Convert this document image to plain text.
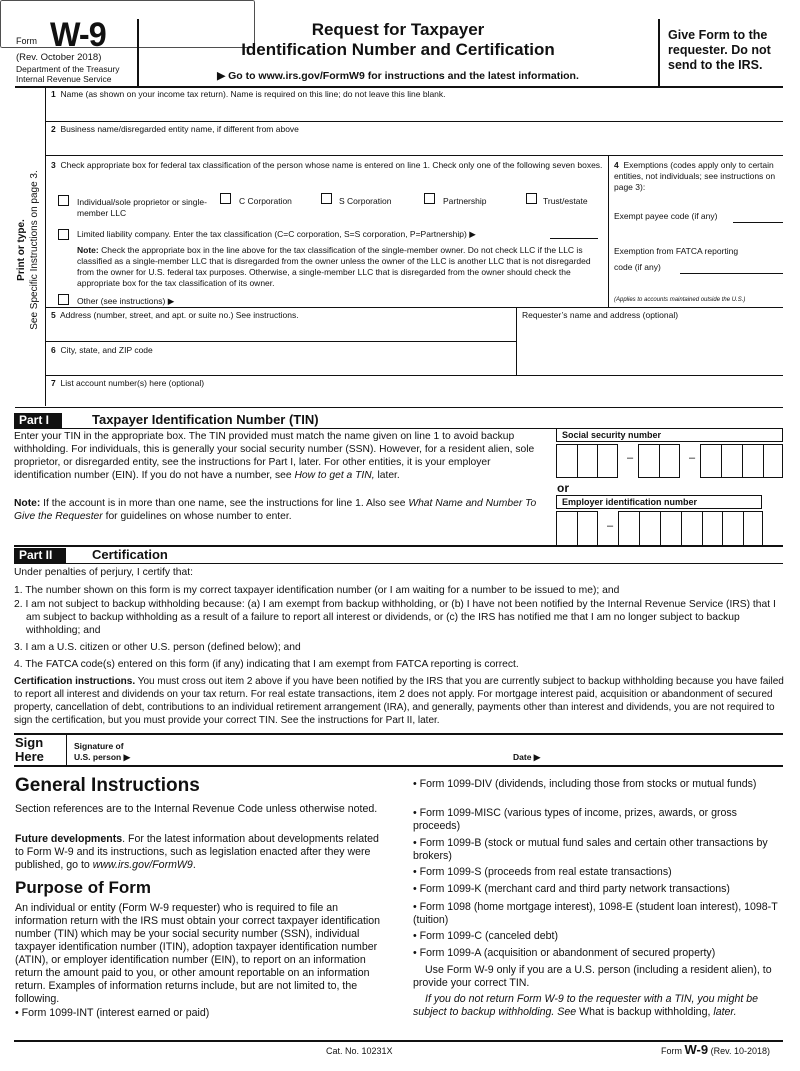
Form W-9
(Rev. October 2018)
Department of the Treasury
Internal Revenue Service
Request for Taxpayer
Identification Number and Certification
▶ Go to www.irs.gov/FormW9 for instructions and the latest information.
Give Form to the requester. Do not send to the IRS.
Print or type. See Specific Instructions on page 3.
1 Name (as shown on your income tax return). Name is required on this line; do not leave this line blank.
2 Business name/disregarded entity name, if different from above
3 Check appropriate box for federal tax classification of the person whose name is entered on line 1. Check only one of the following seven boxes.
Individual/sole proprietor or single-member LLC
C Corporation	S Corporation	Partnership	Trust/estate
Limited liability company. Enter the tax classification (C=C corporation, S=S corporation, P=Partnership) ▶
Note: Check the appropriate box in the line above for the tax classification of the single-member owner. Do not check LLC if the LLC is classified as a single-member LLC that is disregarded from the owner unless the owner of the LLC is another LLC that is not disregarded from the owner for U.S. federal tax purposes. Otherwise, a single-member LLC that is disregarded from the owner should check the appropriate box for the tax classification of its owner.
Other (see instructions) ▶
4 Exemptions (codes apply only to certain entities, not individuals; see instructions on page 3):
Exempt payee code (if any)
Exemption from FATCA reporting
code (if any)
(Applies to accounts maintained outside the U.S.)
5 Address (number, street, and apt. or suite no.) See instructions.	Requester’s name and address (optional)
6 City, state, and ZIP code
7 List account number(s) here (optional)
Part I	Taxpayer Identification Number (TIN)
Enter your TIN in the appropriate box. The TIN provided must match the name given on line 1 to avoid backup withholding. For individuals, this is generally your social security number (SSN). However, for a resident alien, sole proprietor, or disregarded entity, see the instructions for Part I, later. For other entities, it is your employer identification number (EIN). If you do not have a number, see How to get a TIN, later.
Note: If the account is in more than one name, see the instructions for line 1. Also see What Name and Number To Give the Requester for guidelines on whose number to enter.
Social security number
–	–
or
Employer identification number
–
Part II	Certification
Under penalties of perjury, I certify that:
1. The number shown on this form is my correct taxpayer identification number (or I am waiting for a number to be issued to me); and
2. I am not subject to backup withholding because: (a) I am exempt from backup withholding, or (b) I have not been notified by the Internal Revenue Service (IRS) that I am subject to backup withholding as a result of a failure to report all interest or dividends, or (c) the IRS has notified me that I am no longer subject to backup withholding; and
3. I am a U.S. citizen or other U.S. person (defined below); and
4. The FATCA code(s) entered on this form (if any) indicating that I am exempt from FATCA reporting is correct.
Certification instructions. You must cross out item 2 above if you have been notified by the IRS that you are currently subject to backup withholding because you have failed to report all interest and dividends on your tax return. For real estate transactions, item 2 does not apply. For mortgage interest paid, acquisition or abandonment of secured property, cancellation of debt, contributions to an individual retirement arrangement (IRA), and generally, payments other than interest and dividends, you are not required to sign the certification, but you must provide your correct TIN. See the instructions for Part II, later.
Sign
Here
Signature of
U.S. person ▶	Date ▶
General Instructions
Section references are to the Internal Revenue Code unless otherwise noted.
Future developments. For the latest information about developments related to Form W-9 and its instructions, such as legislation enacted after they were published, go to www.irs.gov/FormW9.
Purpose of Form
An individual or entity (Form W-9 requester) who is required to file an information return with the IRS must obtain your correct taxpayer identification number (TIN) which may be your social security number (SSN), individual taxpayer identification number (ITIN), adoption taxpayer identification number (ATIN), or employer identification number (EIN), to report on an information return the amount paid to you, or other amount reportable on an information return. Examples of information returns include, but are not limited to, the following.
• Form 1099-INT (interest earned or paid)
• Form 1099-DIV (dividends, including those from stocks or mutual funds)
• Form 1099-MISC (various types of income, prizes, awards, or gross proceeds)
• Form 1099-B (stock or mutual fund sales and certain other transactions by brokers)
• Form 1099-S (proceeds from real estate transactions)
• Form 1099-K (merchant card and third party network transactions)
• Form 1098 (home mortgage interest), 1098-E (student loan interest), 1098-T (tuition)
• Form 1099-C (canceled debt)
• Form 1099-A (acquisition or abandonment of secured property)
Use Form W-9 only if you are a U.S. person (including a resident alien), to provide your correct TIN.
If you do not return Form W-9 to the requester with a TIN, you might be subject to backup withholding. See What is backup withholding, later.
Cat. No. 10231X	Form W-9 (Rev. 10-2018)
